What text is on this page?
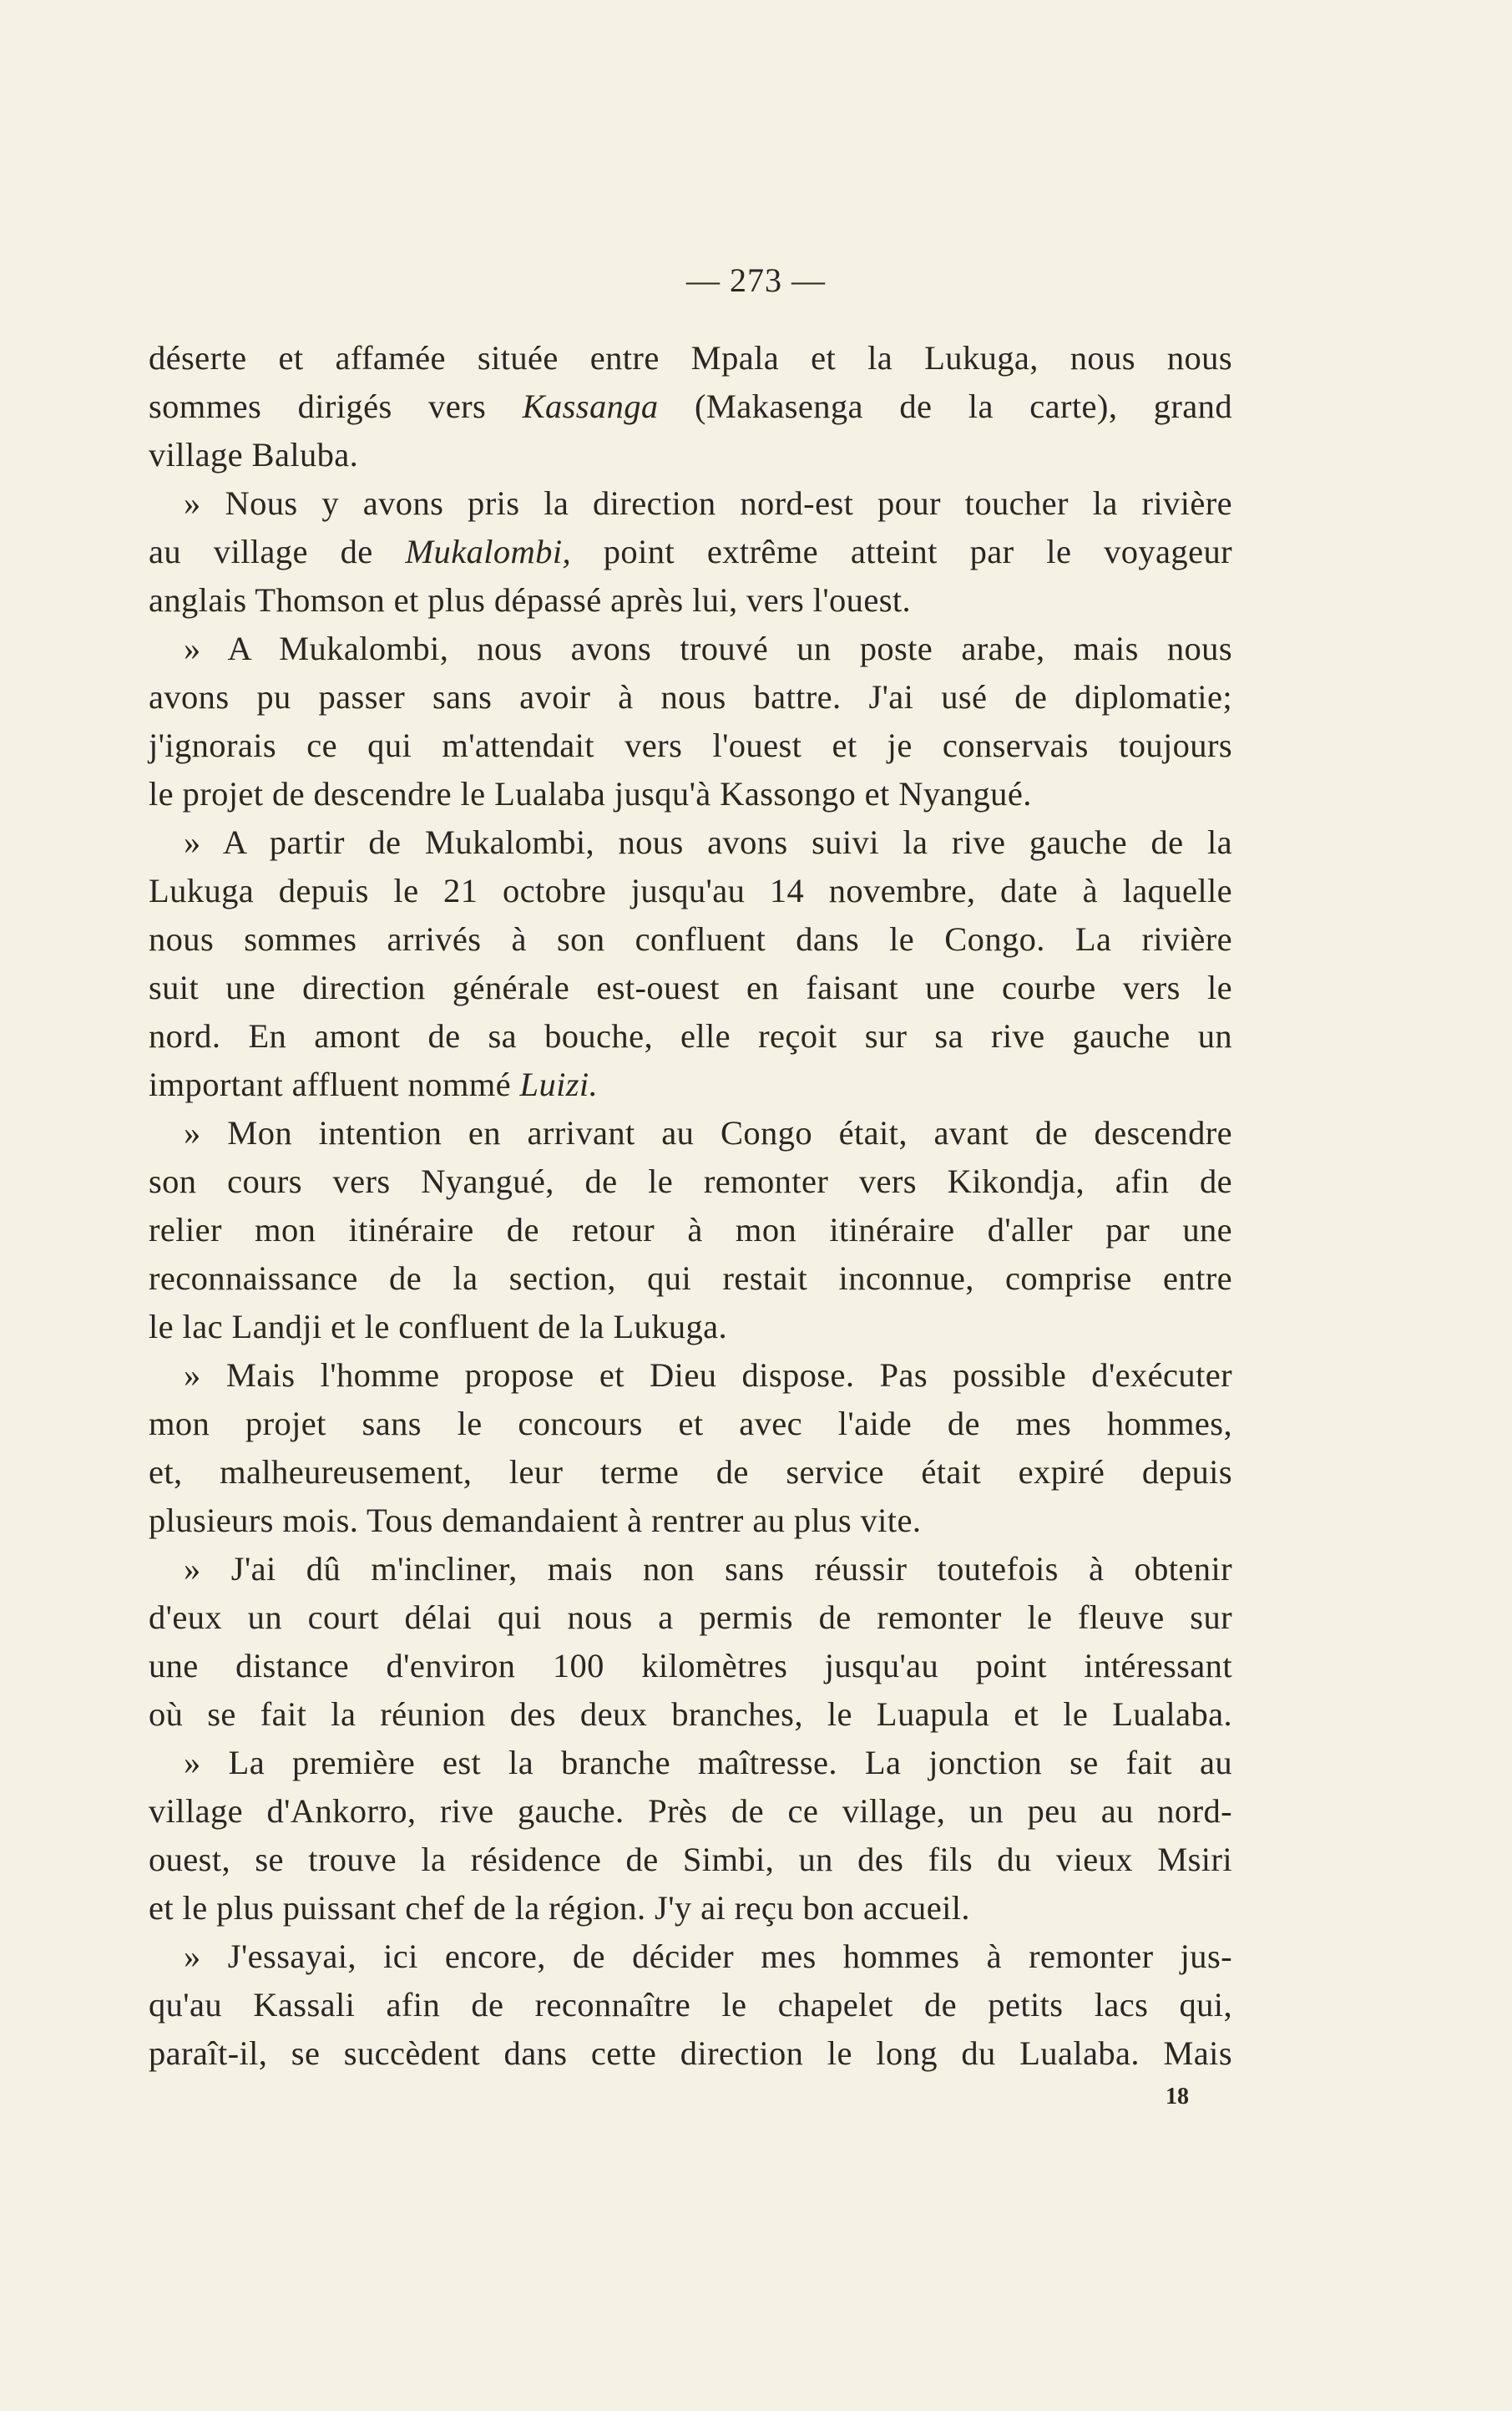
— 273 —
déserte et affamée située entre Mpala et la Lukuga, nous nous
sommes dirigés vers Kassanga (Makasenga de la carte), grand
village Baluba.
» Nous y avons pris la direction nord-est pour toucher la rivière
au village de Mukalombi, point extrême atteint par le voyageur
anglais Thomson et plus dépassé après lui, vers l'ouest.
» A Mukalombi, nous avons trouvé un poste arabe, mais nous
avons pu passer sans avoir à nous battre. J'ai usé de diplomatie;
j'ignorais ce qui m'attendait vers l'ouest et je conservais toujours
le projet de descendre le Lualaba jusqu'à Kassongo et Nyangué.
» A partir de Mukalombi, nous avons suivi la rive gauche de la
Lukuga depuis le 21 octobre jusqu'au 14 novembre, date à laquelle
nous sommes arrivés à son confluent dans le Congo. La rivière
suit une direction générale est-ouest en faisant une courbe vers le
nord. En amont de sa bouche, elle reçoit sur sa rive gauche un
important affluent nommé Luizi.
» Mon intention en arrivant au Congo était, avant de descendre
son cours vers Nyangué, de le remonter vers Kikondja, afin de
relier mon itinéraire de retour à mon itinéraire d'aller par une
reconnaissance de la section, qui restait inconnue, comprise entre
le lac Landji et le confluent de la Lukuga.
» Mais l'homme propose et Dieu dispose. Pas possible d'exécuter
mon projet sans le concours et avec l'aide de mes hommes,
et, malheureusement, leur terme de service était expiré depuis
plusieurs mois. Tous demandaient à rentrer au plus vite.
» J'ai dû m'incliner, mais non sans réussir toutefois à obtenir
d'eux un court délai qui nous a permis de remonter le fleuve sur
une distance d'environ 100 kilomètres jusqu'au point intéressant
où se fait la réunion des deux branches, le Luapula et le Lualaba.
» La première est la branche maîtresse. La jonction se fait au
village d'Ankorro, rive gauche. Près de ce village, un peu au nord-
ouest, se trouve la résidence de Simbi, un des fils du vieux Msiri
et le plus puissant chef de la région. J'y ai reçu bon accueil.
» J'essayai, ici encore, de décider mes hommes à remonter jus-
qu'au Kassali afin de reconnaître le chapelet de petits lacs qui,
paraît-il, se succèdent dans cette direction le long du Lualaba. Mais
18
